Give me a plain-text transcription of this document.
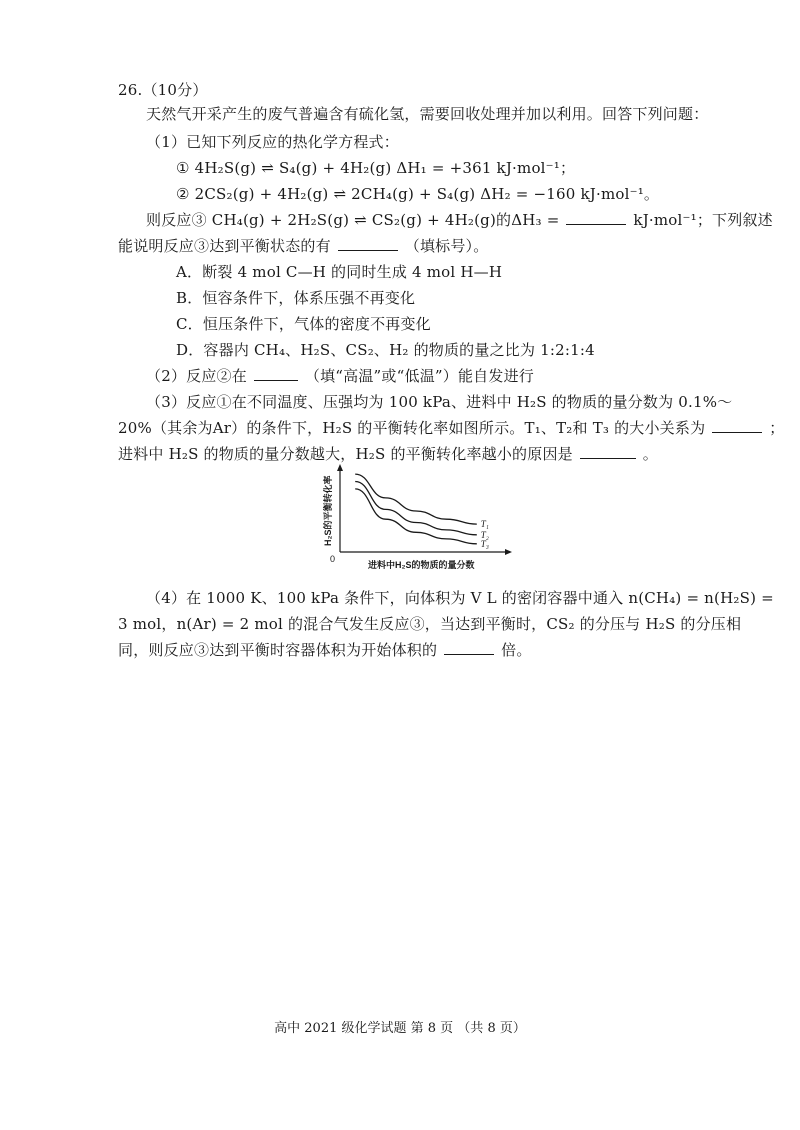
26.（10分）
天然气开采产生的废气普遍含有硫化氢，需要回收处理并加以利用。回答下列问题：
（1）已知下列反应的热化学方程式：
① 4H₂S(g) ⇌ S₄(g) + 4H₂(g) ΔH₁ = +361 kJ·mol⁻¹；
② 2CS₂(g) + 4H₂(g) ⇌ 2CH₄(g) + S₄(g) ΔH₂ = −160 kJ·mol⁻¹。
则反应③ CH₄(g) + 2H₂S(g) ⇌ CS₂(g) + 4H₂(g)的ΔH₃ =	kJ·mol⁻¹；下列叙述
能说明反应③达到平衡状态的有	（填标号）。
A．断裂 4 mol C—H 的同时生成 4 mol H—H
B．恒容条件下，体系压强不再变化
C．恒压条件下，气体的密度不再变化
D．容器内 CH₄、H₂S、CS₂、H₂ 的物质的量之比为 1:2:1:4
（2）反应②在	（填“高温”或“低温”）能自发进行
（3）反应①在不同温度、压强均为 100 kPa、进料中 H₂S 的物质的量分数为 0.1%～
20%（其余为Ar）的条件下，H₂S 的平衡转化率如图所示。T₁、T₂和 T₃ 的大小关系为	；
进料中 H₂S 的物质的量分数越大，H₂S 的平衡转化率越小的原因是	。
0
进料中H₂S的物质的量分数
H₂S的平衡转化率	T₁
T₂
T₃
（4）在 1000 K、100 kPa 条件下，向体积为 V L 的密闭容器中通入 n(CH₄) = n(H₂S) =
3 mol，n(Ar) = 2 mol 的混合气发生反应③，当达到平衡时，CS₂ 的分压与 H₂S 的分压相
同，则反应③达到平衡时容器体积为开始体积的	倍。
高中 2021 级化学试题 第 8 页 （共 8 页）
